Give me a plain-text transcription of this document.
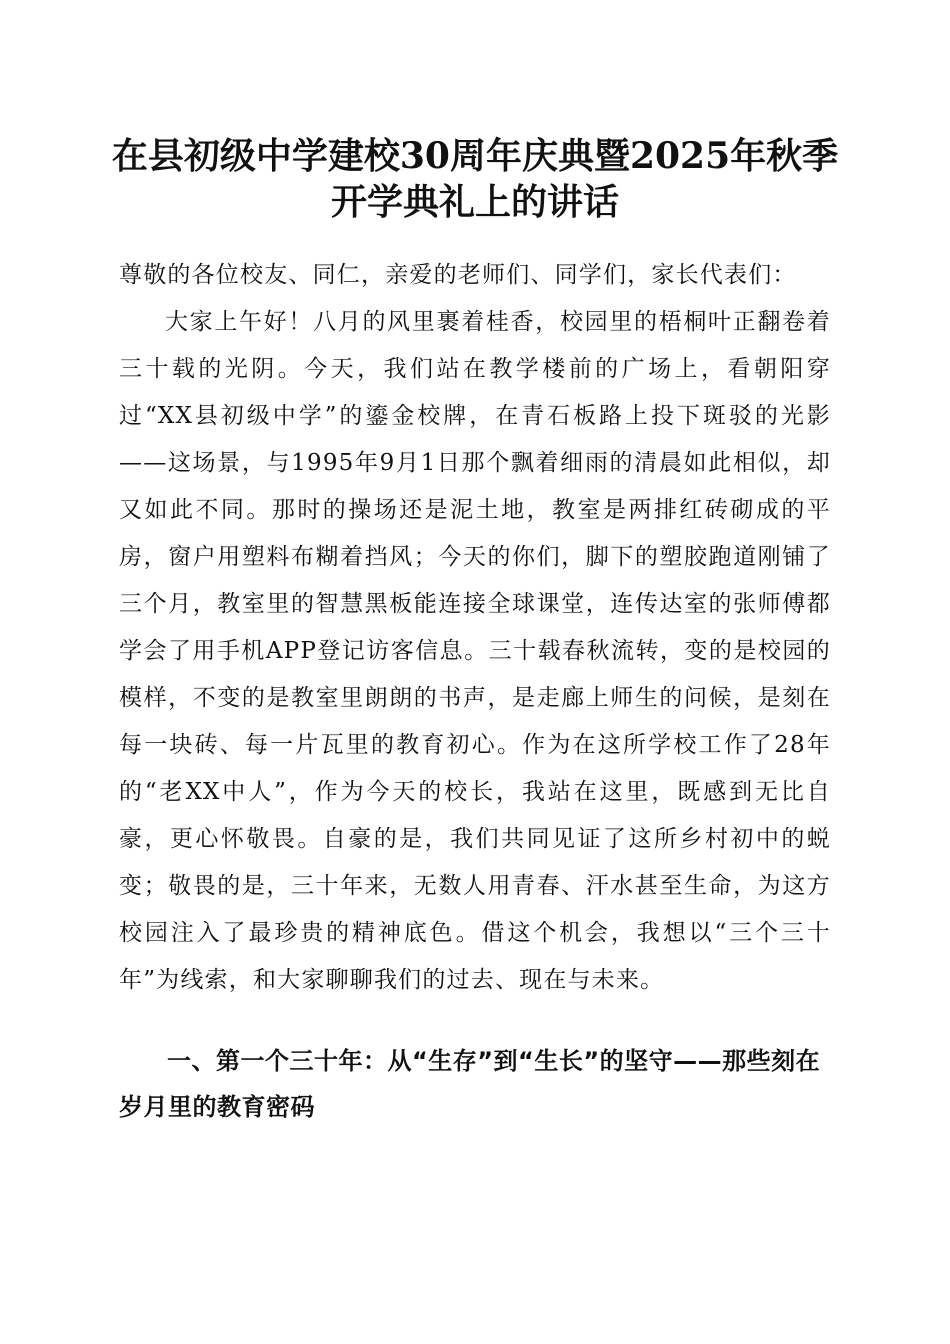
在县初级中学建校30周年庆典暨2025年秋季
开学典礼上的讲话

尊敬的各位校友、同仁，亲爱的老师们、同学们，家长代表们：

大家上午好！八月的风里裹着桂香，校园里的梧桐叶正翻卷着三十载的光阴。今天，我们站在教学楼前的广场上，看朝阳穿过“XX县初级中学”的鎏金校牌，在青石板路上投下斑驳的光影——这场景，与1995年9月1日那个飘着细雨的清晨如此相似，却又如此不同。那时的操场还是泥土地，教室是两排红砖砌成的平房，窗户用塑料布糊着挡风；今天的你们，脚下的塑胶跑道刚铺了三个月，教室里的智慧黑板能连接全球课堂，连传达室的张师傅都学会了用手机APP登记访客信息。三十载春秋流转，变的是校园的模样，不变的是教室里朗朗的书声，是走廊上师生的问候，是刻在每一块砖、每一片瓦里的教育初心。作为在这所学校工作了28年的“老XX中人”，作为今天的校长，我站在这里，既感到无比自豪，更心怀敬畏。自豪的是，我们共同见证了这所乡村初中的蜕变；敬畏的是，三十年来，无数人用青春、汗水甚至生命，为这方校园注入了最珍贵的精神底色。借这个机会，我想以“三个三十年”为线索，和大家聊聊我们的过去、现在与未来。

一、第一个三十年：从“生存”到“生长”的坚守——那些刻在岁月里的教育密码
